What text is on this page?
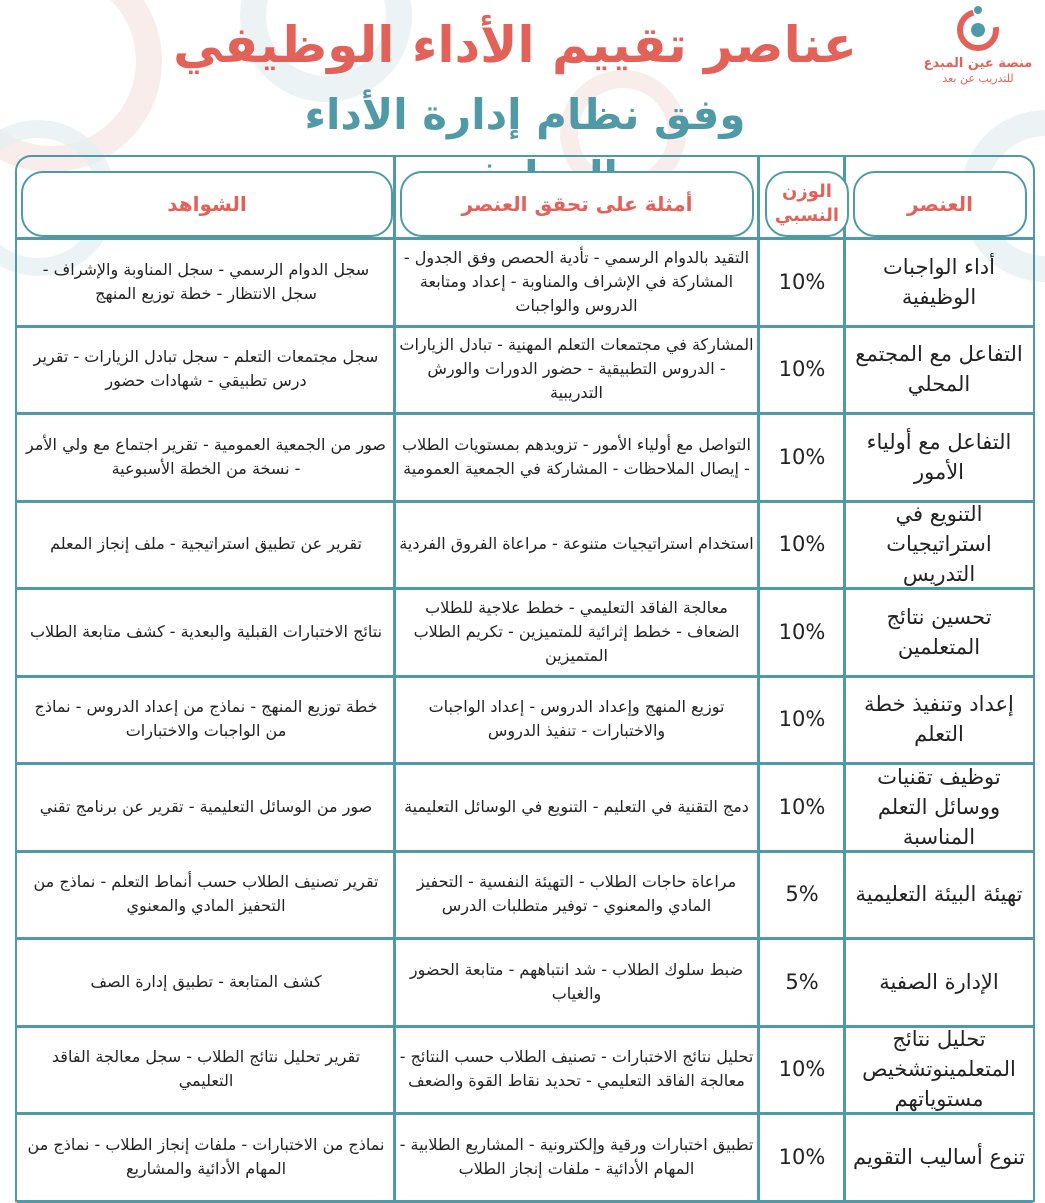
منصة عين المبدع
للتدريب عن بعد
عناصر تقييم الأداء الوظيفي
وفق نظام إدارة الأداء
العنصر
الوزن النسبي
أمثلة على تحقق العنصر
الشواهد
أداء الواجبات الوظيفية
10%
التقيد بالدوام الرسمي - تأدية الحصص وفق الجدول - المشاركة في الإشراف والمناوبة - إعداد ومتابعة الدروس والواجبات
سجل الدوام الرسمي - سجل المناوبة والإشراف - سجل الانتظار - خطة توزيع المنهج
التفاعل مع المجتمع المحلي
10%
المشاركة في مجتمعات التعلم المهنية - تبادل الزيارات - الدروس التطبيقية - حضور الدورات والورش التدريبية
سجل مجتمعات التعلم - سجل تبادل الزيارات - تقرير درس تطبيقي - شهادات حضور
التفاعل مع أولياء الأمور
10%
التواصل مع أولياء الأمور - تزويدهم بمستويات الطلاب - إيصال الملاحظات - المشاركة في الجمعية العمومية
صور من الجمعية العمومية - تقرير اجتماع مع ولي الأمر - نسخة من الخطة الأسبوعية
التنويع في استراتيجيات التدريس
10%
استخدام استراتيجيات متنوعة - مراعاة الفروق الفردية
تقرير عن تطبيق استراتيجية - ملف إنجاز المعلم
تحسين نتائج المتعلمين
10%
معالجة الفاقد التعليمي - خطط علاجية للطلاب الضعاف - خطط إثرائية للمتميزين - تكريم الطلاب المتميزين
نتائج الاختبارات القبلية والبعدية - كشف متابعة الطلاب
إعداد وتنفيذ خطة التعلم
10%
توزيع المنهج وإعداد الدروس - إعداد الواجبات والاختبارات - تنفيذ الدروس
خطة توزيع المنهج - نماذج من إعداد الدروس - نماذج من الواجبات والاختبارات
توظيف تقنيات ووسائل التعلم المناسبة
10%
دمج التقنية في التعليم - التنويع في الوسائل التعليمية
صور من الوسائل التعليمية - تقرير عن برنامج تقني
تهيئة البيئة التعليمية
5%
مراعاة حاجات الطلاب - التهيئة النفسية - التحفيز المادي والمعنوي - توفير متطلبات الدرس
تقرير تصنيف الطلاب حسب أنماط التعلم - نماذج من التحفيز المادي والمعنوي
الإدارة الصفية
5%
ضبط سلوك الطلاب - شد انتباههم - متابعة الحضور والغياب
كشف المتابعة - تطبيق إدارة الصف
تحليل نتائج المتعلمينوتشخيص مستوياتهم
10%
تحليل نتائج الاختبارات - تصنيف الطلاب حسب النتائج - معالجة الفاقد التعليمي - تحديد نقاط القوة والضعف
تقرير تحليل نتائج الطلاب - سجل معالجة الفاقد التعليمي
تنوع أساليب التقويم
10%
تطبيق اختبارات ورقية وإلكترونية - المشاريع الطلابية - المهام الأدائية - ملفات إنجاز الطلاب
نماذج من الاختبارات - ملفات إنجاز الطلاب - نماذج من المهام الأدائية والمشاريع
